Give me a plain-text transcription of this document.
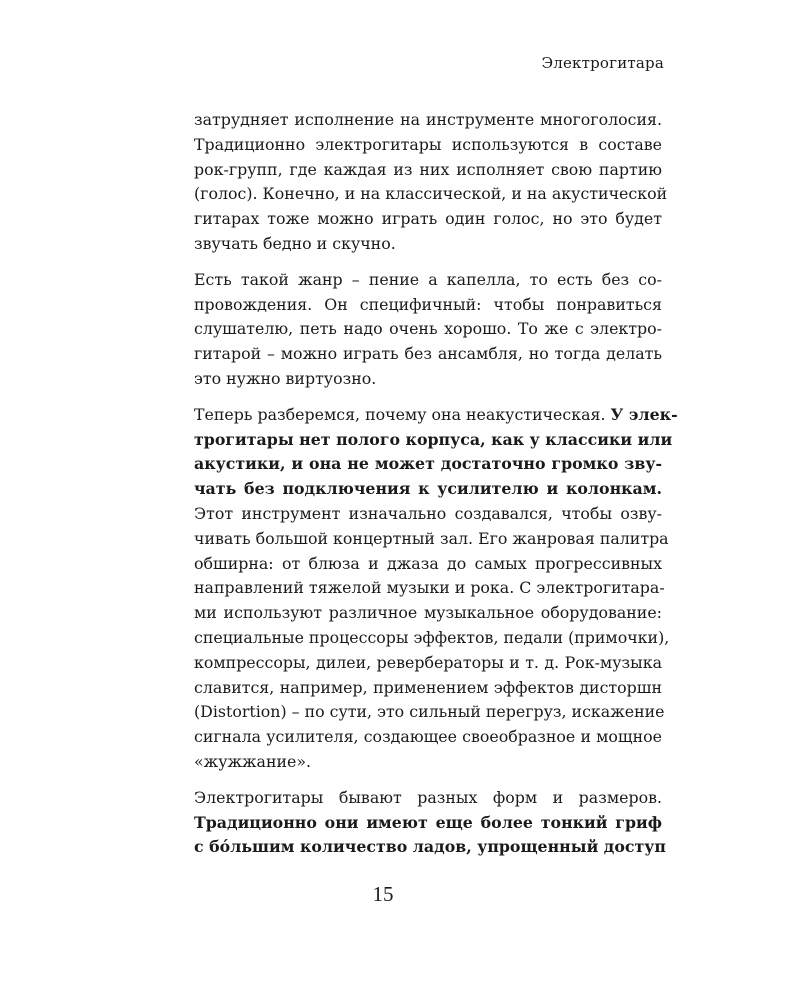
Электрогитара
затрудняет исполнение на инструменте многоголосия.
Традиционно электрогитары используются в составе
рок-групп, где каждая из них исполняет свою партию
(голос). Конечно, и на классической, и на акустической
гитарах тоже можно играть один голос, но это будет
звучать бедно и скучно.
Есть такой жанр – пение а капелла, то есть без со-
провождения. Он специфичный: чтобы понравиться
слушателю, петь надо очень хорошо. То же с электро-
гитарой – можно играть без ансамбля, но тогда делать
это нужно виртуозно.
Теперь разберемся, почему она неакустическая. У элек-
трогитары нет полого корпуса, как у классики или
акустики, и она не может достаточно громко зву-
чать без подключения к усилителю и колонкам.
Этот инструмент изначально создавался, чтобы озву-
чивать большой концертный зал. Его жанровая палитра
обширна: от блюза и джаза до самых прогрессивных
направлений тяжелой музыки и рока. С электрогитара-
ми используют различное музыкальное оборудование:
специальные процессоры эффектов, педали (примочки),
компрессоры, дилеи, ревербераторы и т. д. Рок-музыка
славится, например, применением эффектов дисторшн
(Distortion) – по сути, это сильный перегруз, искажение
сигнала усилителя, создающее своеобразное и мощное
«жужжание».
Электрогитары бывают разных форм и размеров.
Традиционно они имеют еще более тонкий гриф
с бóльшим количество ладов, упрощенный доступ
15
